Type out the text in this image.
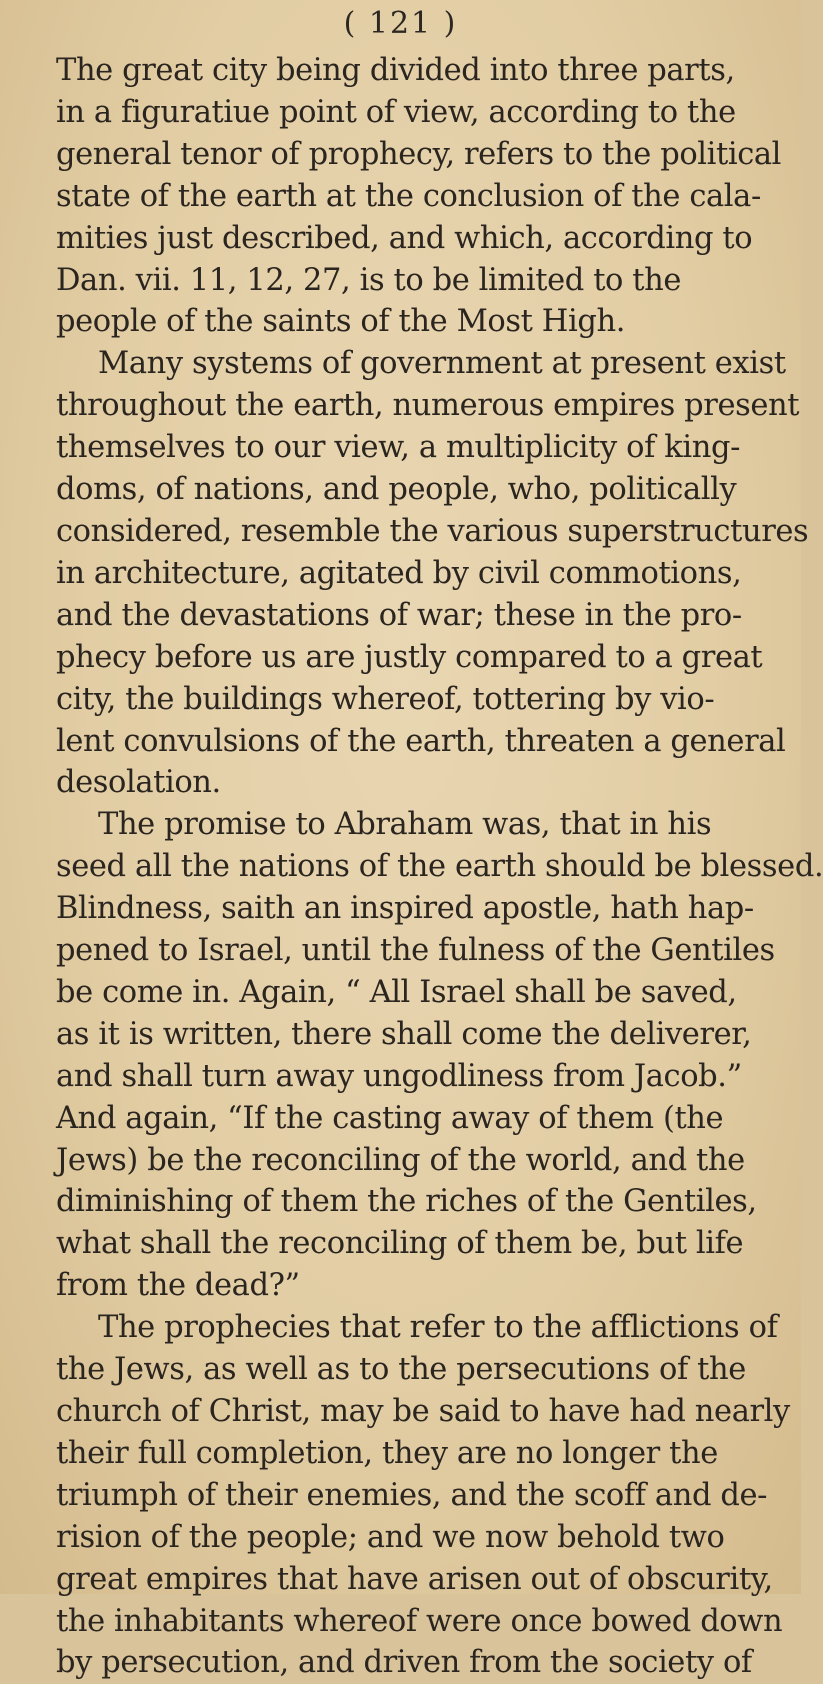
( 121 )
The great city being divided into three parts,
in a figuratiue point of view, according to the
general tenor of prophecy, refers to the political
state of the earth at the conclusion of the cala-
mities just described, and which, according to
Dan. vii. 11, 12, 27, is to be limited to the
people of the saints of the Most High.
Many systems of government at present exist
throughout the earth, numerous empires present
themselves to our view, a multiplicity of king-
doms, of nations, and people, who, politically
considered, resemble the various superstructures
in architecture, agitated by civil commotions,
and the devastations of war; these in the pro-
phecy before us are justly compared to a great
city, the buildings whereof, tottering by vio-
lent convulsions of the earth, threaten a general
desolation.
The promise to Abraham was, that in his
seed all the nations of the earth should be blessed.
Blindness, saith an inspired apostle, hath hap-
pened to Israel, until the fulness of the Gentiles
be come in. Again, “ All Israel shall be saved,
as it is written, there shall come the deliverer,
and shall turn away ungodliness from Jacob.”
And again, “If the casting away of them (the
Jews) be the reconciling of the world, and the
diminishing of them the riches of the Gentiles,
what shall the reconciling of them be, but life
from the dead?”
The prophecies that refer to the afflictions of
the Jews, as well as to the persecutions of the
church of Christ, may be said to have had nearly
their full completion, they are no longer the
triumph of their enemies, and the scoff and de-
rision of the people; and we now behold two
great empires that have arisen out of obscurity,
the inhabitants whereof were once bowed down
by persecution, and driven from the society of
